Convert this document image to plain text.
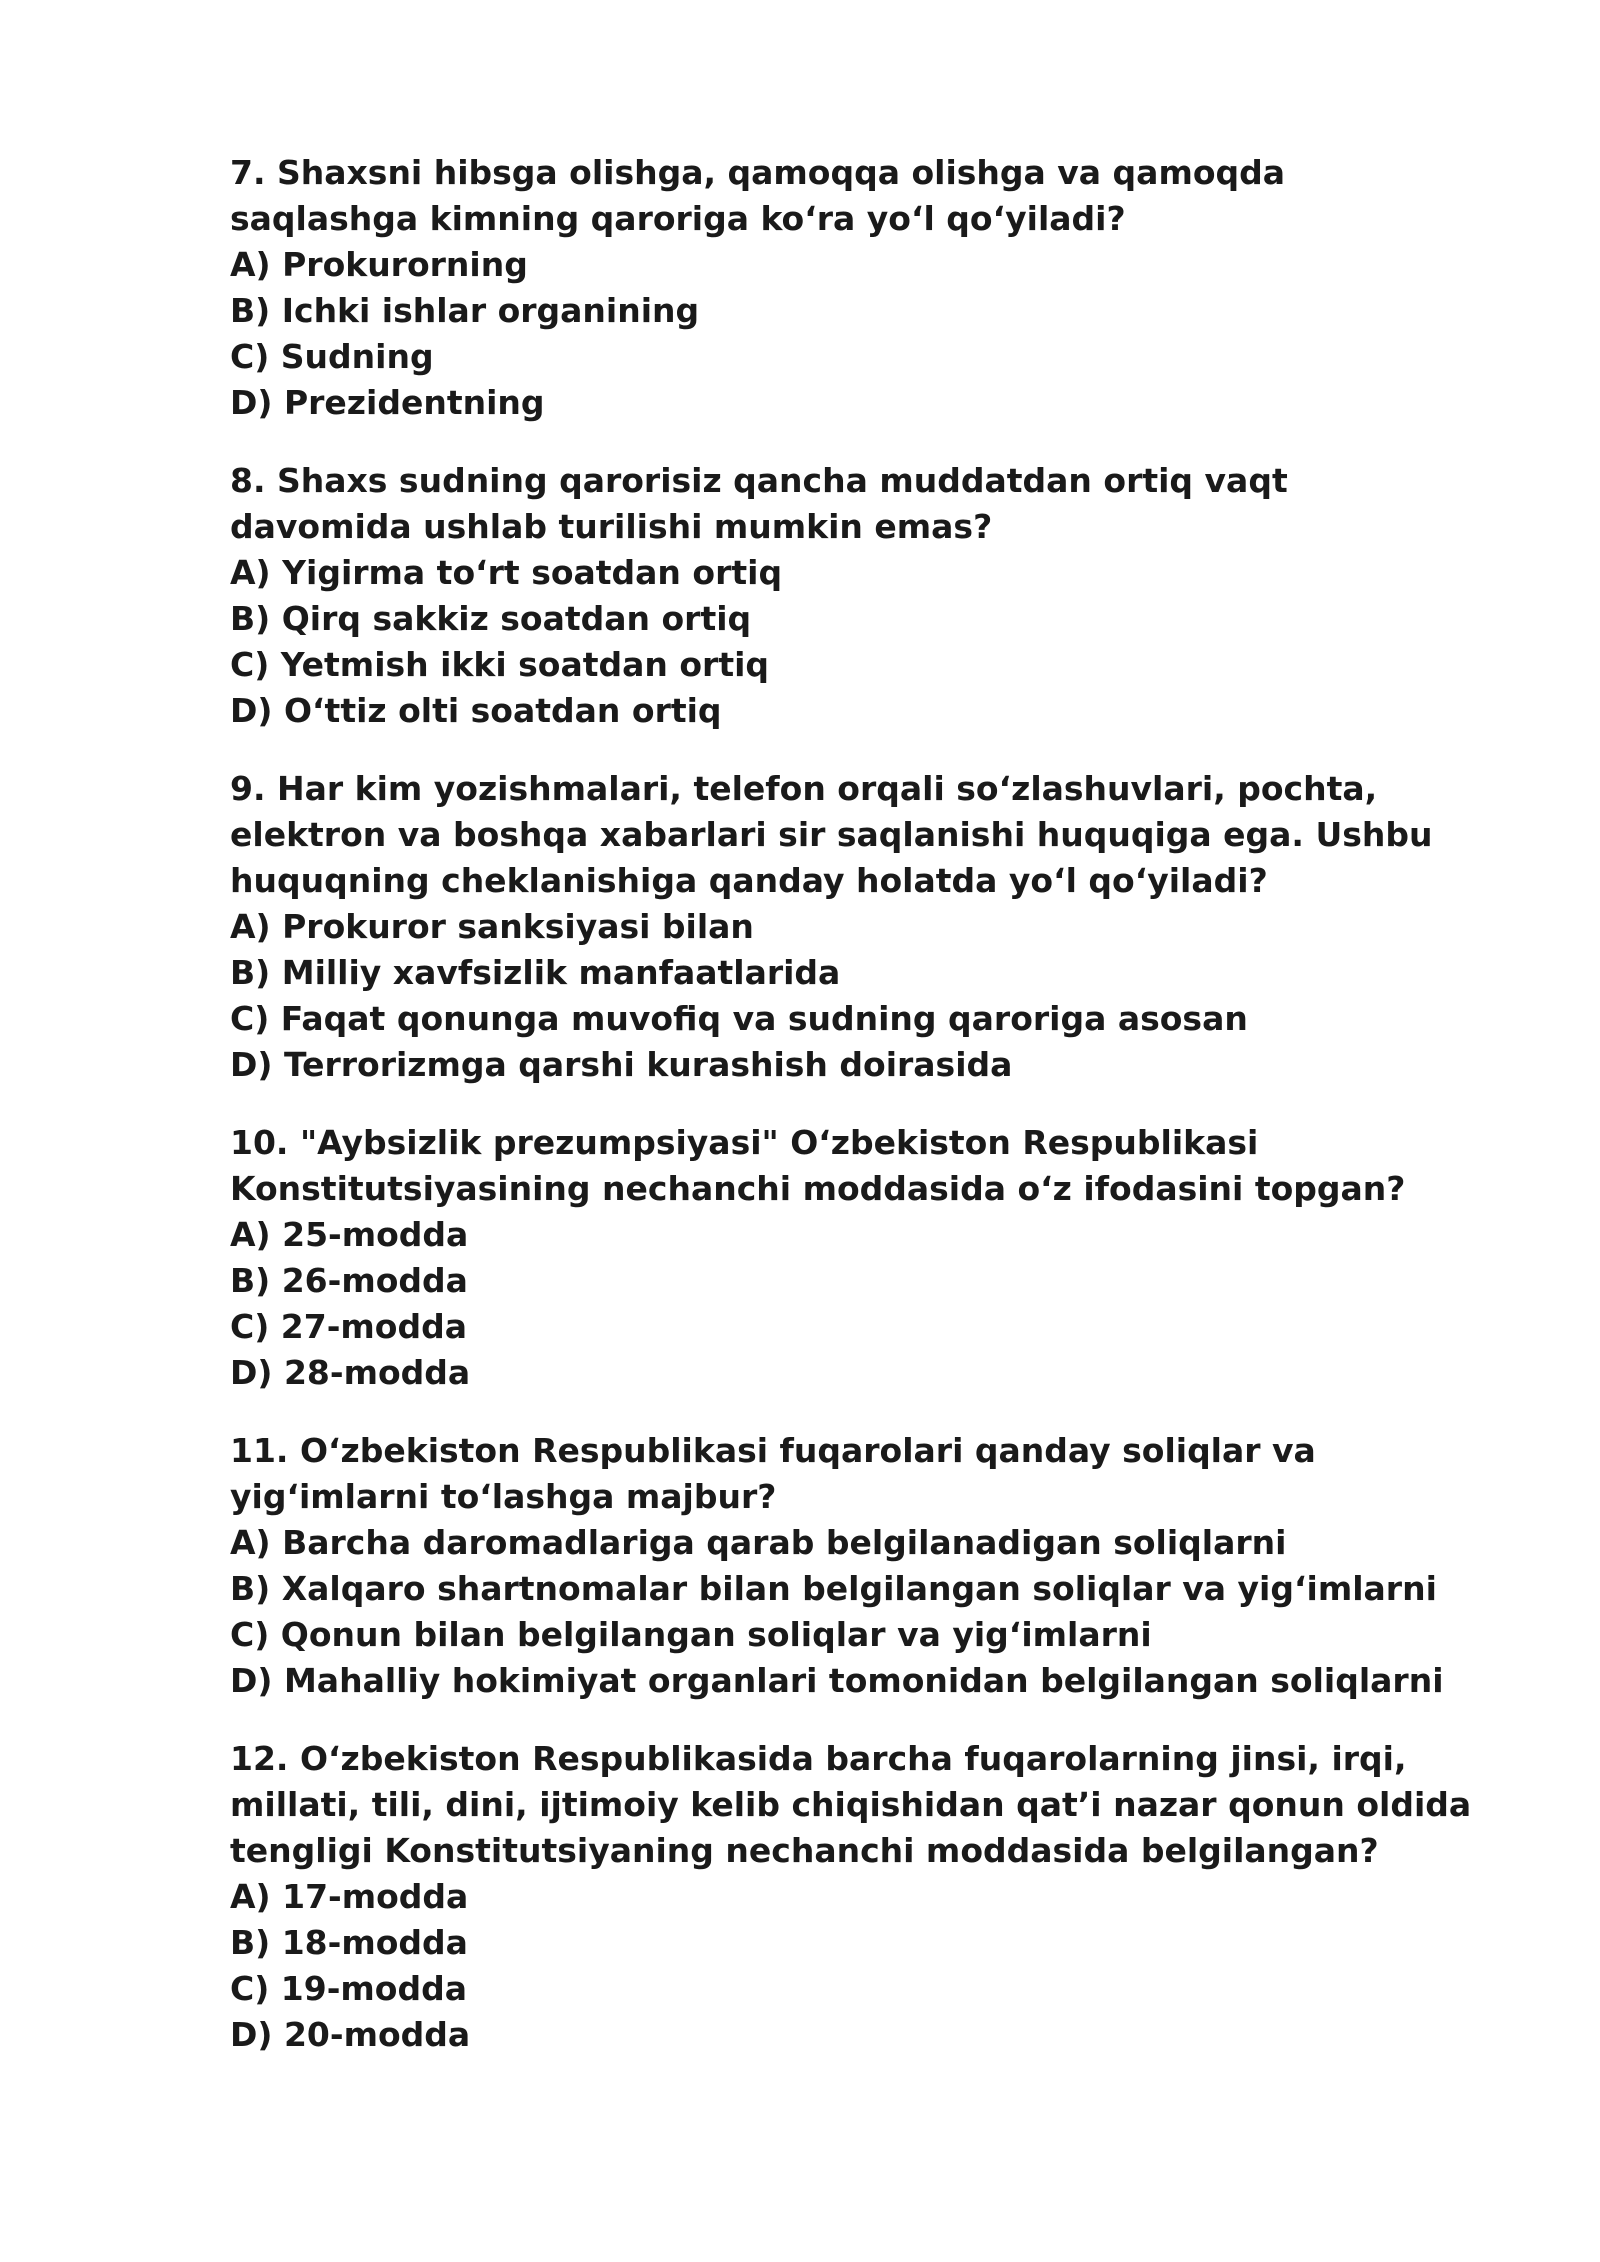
7. Shaxsni hibsga olishga, qamoqqa olishga va qamoqda saqlashga kimning qaroriga koʻra yoʻl qoʻyiladi?

A) Prokurorning
B) Ichki ishlar organining
C) Sudning
D) Prezidentning

8. Shaxs sudning qarorisiz qancha muddatdan ortiq vaqt davomida ushlab turilishi mumkin emas?

A) Yigirma toʻrt soatdan ortiq
B) Qirq sakkiz soatdan ortiq
C) Yetmish ikki soatdan ortiq
D) Oʻttiz olti soatdan ortiq

9. Har kim yozishmalari, telefon orqali soʻzlashuvlari, pochta, elektron va boshqa xabarlari sir saqlanishi huquqiga ega. Ushbu huquqning cheklanishiga qanday holatda yoʻl qoʻyiladi?

A) Prokuror sanksiyasi bilan
B) Milliy xavfsizlik manfaatlarida
C) Faqat qonunga muvofiq va sudning qaroriga asosan
D) Terrorizmga qarshi kurashish doirasida

10. "Aybsizlik prezumpsiyasi" Oʻzbekiston Respublikasi Konstitutsiyasining nechanchi moddasida oʻz ifodasini topgan?

A) 25-modda
B) 26-modda
C) 27-modda
D) 28-modda

11. Oʻzbekiston Respublikasi fuqarolari qanday soliqlar va yigʻimlarni toʻlashga majbur?

A) Barcha daromadlariga qarab belgilanadigan soliqlarni
B) Xalqaro shartnomalar bilan belgilangan soliqlar va yigʻimlarni
C) Qonun bilan belgilangan soliqlar va yigʻimlarni
D) Mahalliy hokimiyat organlari tomonidan belgilangan soliqlarni

12. Oʻzbekiston Respublikasida barcha fuqarolarning jinsi, irqi, millati, tili, dini, ijtimoiy kelib chiqishidan qatʼi nazar qonun oldida tengligi Konstitutsiyaning nechanchi moddasida belgilangan?

A) 17-modda
B) 18-modda
C) 19-modda
D) 20-modda
